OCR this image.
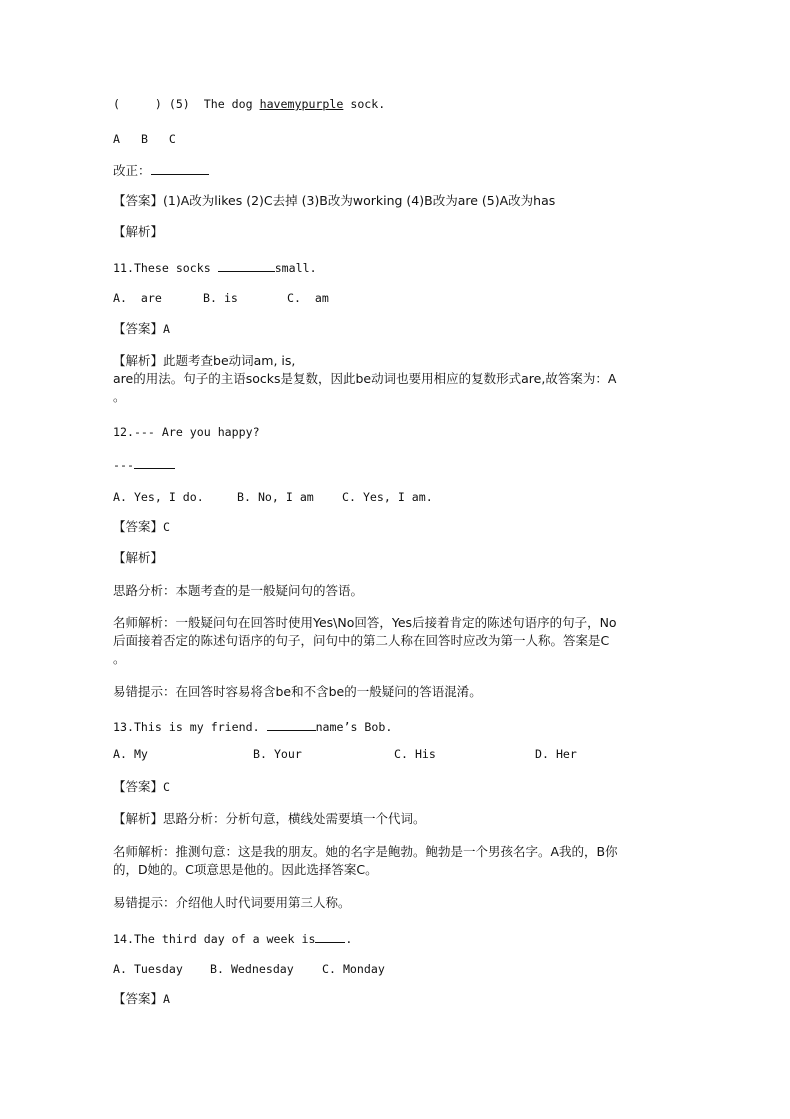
(     ) (5)  The dog havemypurple sock.
A B C
改正：
【答案】(1)A改为likes (2)C去掉 (3)B改为working (4)B改为are (5)A改为has
【解析】
11.These socks	small.
A.  are	B. is	C.  am
【答案】A
【解析】此题考查be动词am, is,
are的用法。句子的主语socks是复数，因此be动词也要用相应的复数形式are,故答案为：A
。
12.--- Are you happy?
---
A. Yes, I do.	B. No, I am C. Yes, I am.
【答案】C
【解析】
思路分析：本题考查的是一般疑问句的答语。
名师解析：一般疑问句在回答时使用Yes\No回答，Yes后接着肯定的陈述句语序的句子，No
后面接着否定的陈述句语序的句子，问句中的第二人称在回答时应改为第一人称。答案是C
。
易错提示：在回答时容易将含be和不含be的一般疑问的答语混淆。
13.This is my friend.	name’s Bob.
A. My	B. Your	C. His	D. Her
【答案】C
【解析】思路分析：分析句意，横线处需要填一个代词。
名师解析：推测句意：这是我的朋友。她的名字是鲍勃。鲍勃是一个男孩名字。A我的，B你
的，D她的。C项意思是他的。因此选择答案C。
易错提示：介绍他人时代词要用第三人称。
14.The third day of a week is	.
A. Tuesday B. Wednesday C. Monday
【答案】A
